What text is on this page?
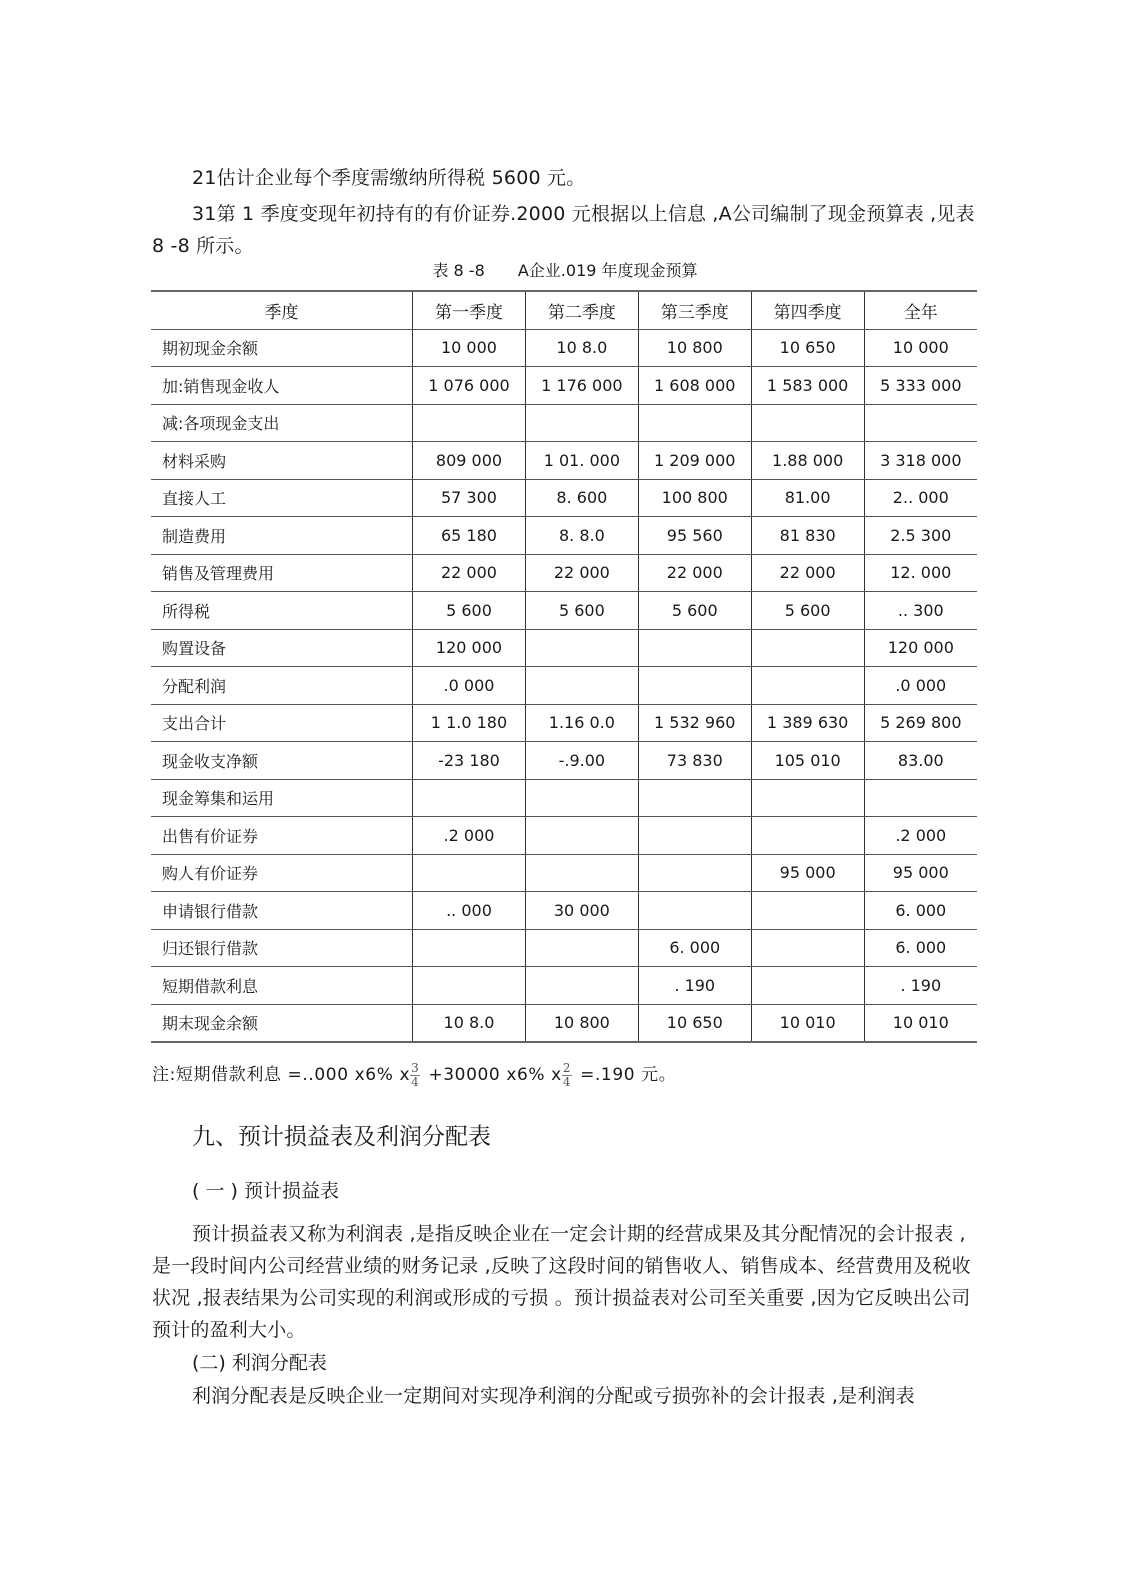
21估计企业每个季度需缴纳所得税 5600 元。

31第 1 季度变现年初持有的有价证券.2000 元根据以上信息 ,A公司编制了现金预算表 ,见表 8 -8 所示。

表 8 -8 A企业.019 年度现金预算
季度	第一季度	第二季度	第三季度	第四季度	全年
期初现金余额	10 000	10 8.0	10 800	10 650	10 000
加:销售现金收人	1 076 000	1 176 000	1 608 000	1 583 000	5 333 000
减:各项现金支出					
材料采购	809 000	1 01. 000	1 209 000	1.88 000	3 318 000
直接人工	57 300	8. 600	100 800	81.00	2.. 000
制造费用	65 180	8. 8.0	95 560	81 830	2.5 300
销售及管理费用	22 000	22 000	22 000	22 000	12. 000
所得税	5 600	5 600	5 600	5 600	.. 300
购置设备	120 000				120 000
分配利润	.0 000				.0 000
支出合计	1 1.0 180	1.16 0.0	1 532 960	1 389 630	5 269 800
现金收支净额	-23 180	-.9.00	73 830	105 010	83.00
现金筹集和运用					
出售有价证券	.2 000				.2 000
购人有价证券				95 000	95 000
申请银行借款	.. 000	30 000			6. 000
归还银行借款			6. 000		6. 000
短期借款利息			. 190		. 190
期末现金余额	10 8.0	10 800	10 650	10 010	10 010
注:短期借款利息 =..000 x6% x $\frac{3}{4} +30000$ x6% x $\frac{2}{4} =.190$ 元。
九、预计损益表及利润分配表
( 一 ) 预计损益表

预计损益表又称为利润表 ,是指反映企业在一定会计期的经营成果及其分配情况的会计报表 ,是一段时间内公司经营业绩的财务记录 ,反映了这段时间的销售收人、销售成本、经营费用及税收状况 ,报表结果为公司实现的利润或形成的亏损 。预计损益表对公司至关重要 ,因为它反映出公司预计的盈利大小。

(二) 利润分配表

利润分配表是反映企业一定期间对实现净利润的分配或亏损弥补的会计报表 ,是利润表
